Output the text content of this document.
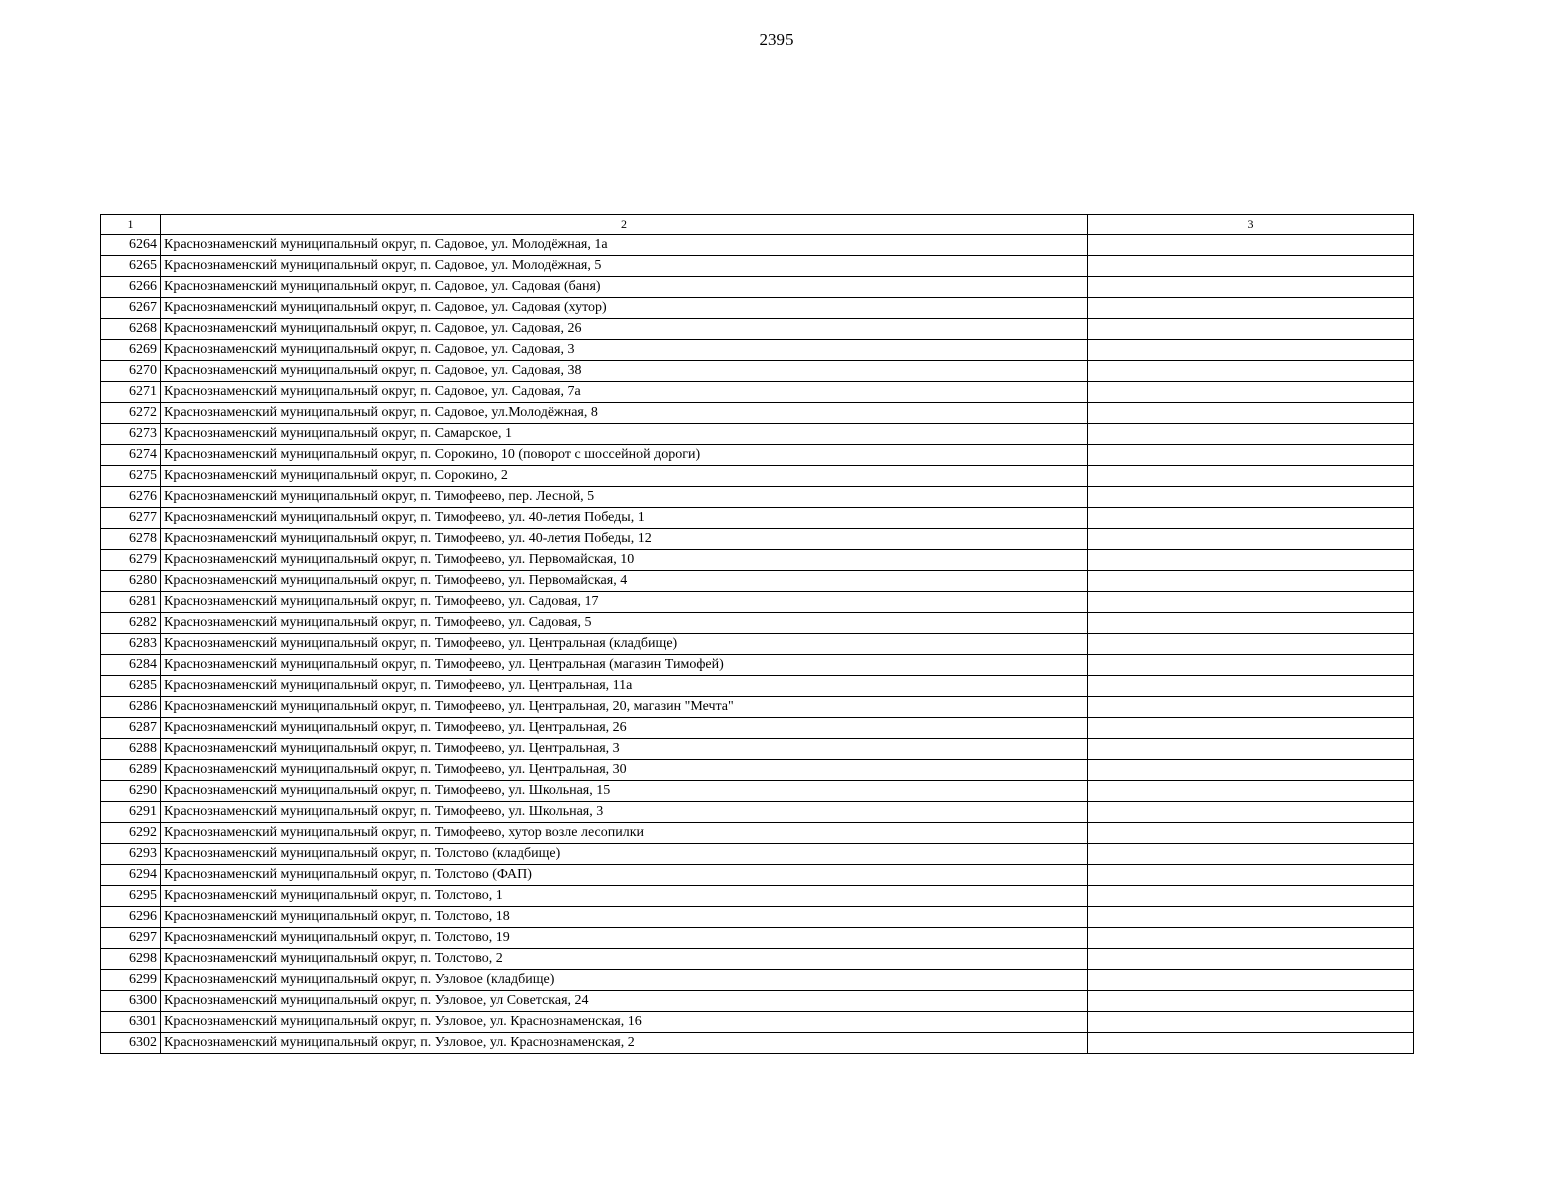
2395
1	2	3
6264	Краснознаменский муниципальный округ, п. Садовое, ул. Молодёжная, 1а	
6265	Краснознаменский муниципальный округ, п. Садовое, ул. Молодёжная, 5	
6266	Краснознаменский муниципальный округ, п. Садовое, ул. Садовая (баня)	
6267	Краснознаменский муниципальный округ, п. Садовое, ул. Садовая (хутор)	
6268	Краснознаменский муниципальный округ, п. Садовое, ул. Садовая, 26	
6269	Краснознаменский муниципальный округ, п. Садовое, ул. Садовая, 3	
6270	Краснознаменский муниципальный округ, п. Садовое, ул. Садовая, 38	
6271	Краснознаменский муниципальный округ, п. Садовое, ул. Садовая, 7а	
6272	Краснознаменский муниципальный округ, п. Садовое, ул.Молодёжная, 8	
6273	Краснознаменский муниципальный округ, п. Самарское, 1	
6274	Краснознаменский муниципальный округ, п. Сорокино, 10 (поворот с шоссейной дороги)	
6275	Краснознаменский муниципальный округ, п. Сорокино, 2	
6276	Краснознаменский муниципальный округ, п. Тимофеево, пер. Лесной, 5	
6277	Краснознаменский муниципальный округ, п. Тимофеево, ул. 40-летия Победы, 1	
6278	Краснознаменский муниципальный округ, п. Тимофеево, ул. 40-летия Победы, 12	
6279	Краснознаменский муниципальный округ, п. Тимофеево, ул. Первомайская, 10	
6280	Краснознаменский муниципальный округ, п. Тимофеево, ул. Первомайская, 4	
6281	Краснознаменский муниципальный округ, п. Тимофеево, ул. Садовая, 17	
6282	Краснознаменский муниципальный округ, п. Тимофеево, ул. Садовая, 5	
6283	Краснознаменский муниципальный округ, п. Тимофеево, ул. Центральная (кладбище)	
6284	Краснознаменский муниципальный округ, п. Тимофеево, ул. Центральная (магазин Тимофей)	
6285	Краснознаменский муниципальный округ, п. Тимофеево, ул. Центральная, 11а	
6286	Краснознаменский муниципальный округ, п. Тимофеево, ул. Центральная, 20, магазин "Мечта"	
6287	Краснознаменский муниципальный округ, п. Тимофеево, ул. Центральная, 26	
6288	Краснознаменский муниципальный округ, п. Тимофеево, ул. Центральная, 3	
6289	Краснознаменский муниципальный округ, п. Тимофеево, ул. Центральная, 30	
6290	Краснознаменский муниципальный округ, п. Тимофеево, ул. Школьная, 15	
6291	Краснознаменский муниципальный округ, п. Тимофеево, ул. Школьная, 3	
6292	Краснознаменский муниципальный округ, п. Тимофеево, хутор возле лесопилки	
6293	Краснознаменский муниципальный округ, п. Толстово (кладбище)	
6294	Краснознаменский муниципальный округ, п. Толстово (ФАП)	
6295	Краснознаменский муниципальный округ, п. Толстово, 1	
6296	Краснознаменский муниципальный округ, п. Толстово, 18	
6297	Краснознаменский муниципальный округ, п. Толстово, 19	
6298	Краснознаменский муниципальный округ, п. Толстово, 2	
6299	Краснознаменский муниципальный округ, п. Узловое (кладбище)	
6300	Краснознаменский муниципальный округ, п. Узловое, ул Советская, 24	
6301	Краснознаменский муниципальный округ, п. Узловое, ул. Краснознаменская, 16	
6302	Краснознаменский муниципальный округ, п. Узловое, ул. Краснознаменская, 2	
